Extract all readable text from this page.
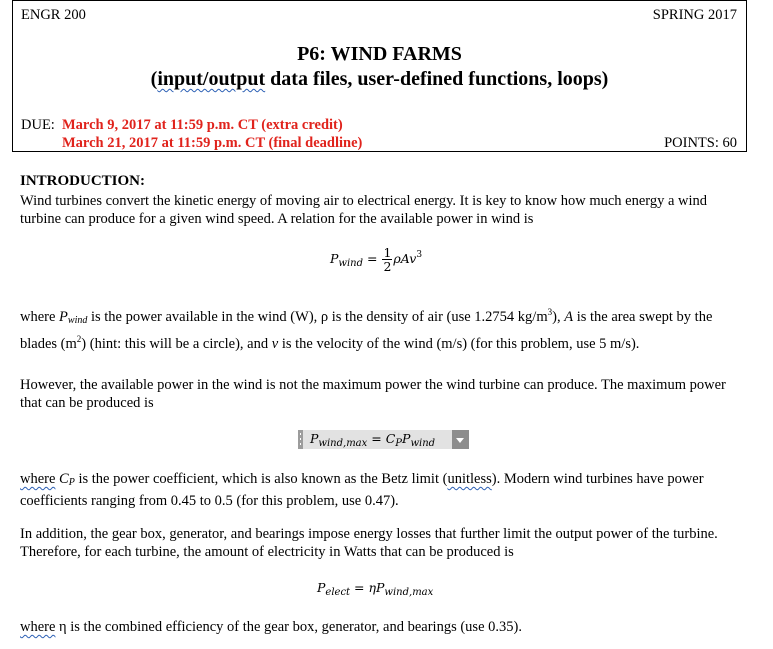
ENGR 200	SPRING 2017
P6: WIND FARMS
(input/output data files, user-defined functions, loops)
DUE: March 9, 2017 at 11:59 p.m. CT (extra credit)
March 21, 2017 at 11:59 p.m. CT (final deadline)	POINTS: 60
INTRODUCTION:
Wind turbines convert the kinetic energy of moving air to electrical energy. It is key to know how much energy a wind turbine can produce for a given wind speed. A relation for the available power in wind is
$P_{wind} = \frac{1}{2} \rho Av^3$
where Pwind is the power available in the wind (W), ρ is the density of air (use 1.2754 $kg/m^3$), A is the area swept by the blades $(m^2)$ (hint: this will be a circle), and v is the velocity of the wind (m/s) (for this problem, use 5 m/s).
However, the available power in the wind is not the maximum power the wind turbine can produce. The maximum power that can be produced is
$P_{wind,max} = C_PP_{wind}$
where CP is the power coefficient, which is also known as the Betz limit (unitless). Modern wind turbines have power coefficients ranging from 0.45 to 0.5 (for this problem, use 0.47).
In addition, the gear box, generator, and bearings impose energy losses that further limit the output power of the turbine. Therefore, for each turbine, the amount of electricity in Watts that can be produced is
$P_{elect} = \eta P_{wind,max}$
where η is the combined efficiency of the gear box, generator, and bearings (use 0.35).
